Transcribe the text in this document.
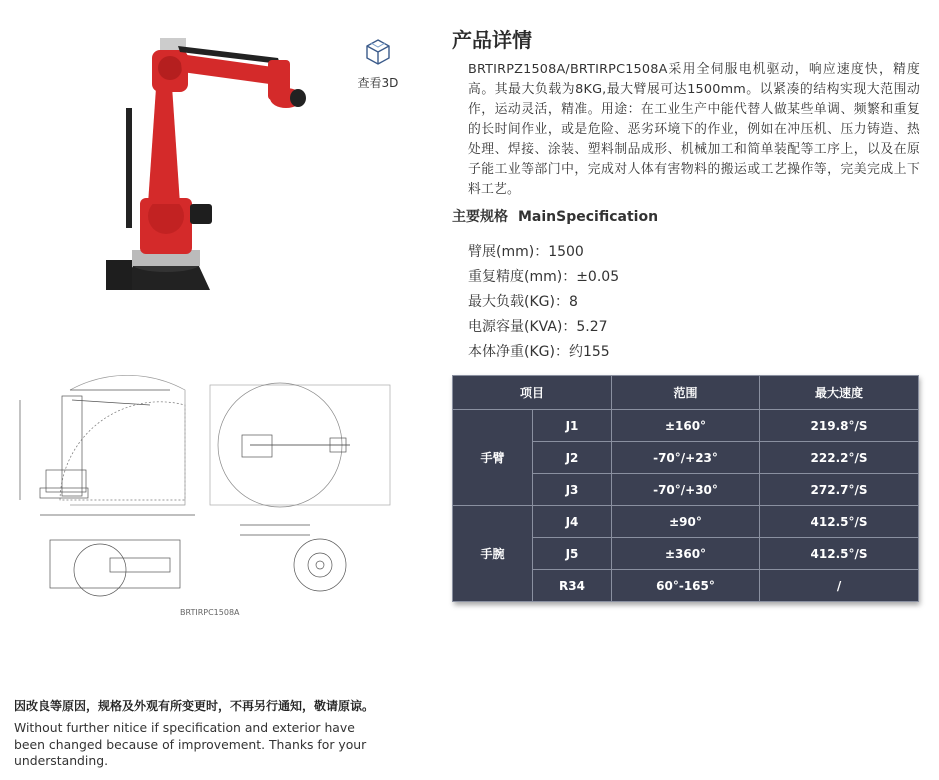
查看3D
BRTIRPC1508A
产品详情

BRTIRPZ1508A/BRTIRPC1508A采用全伺服电机驱动，响应速度快，精度高。其最大负载为8KG,最大臂展可达1500mm。以紧凑的结构实现大范围动作，运动灵活，精准。用途：在工业生产中能代替人做某些单调、频繁和重复的长时间作业，或是危险、恶劣环境下的作业，例如在冲压机、压力铸造、热处理、焊接、涂装、塑料制品成形、机械加工和简单装配等工序上，以及在原子能工业等部门中，完成对人体有害物料的搬运或工艺操作等，完美完成上下料工艺。

主要规格 MainSpecification
臂展(mm)：1500
重复精度(mm)：±0.05
最大负载(KG)：8
电源容量(KVA)：5.27
本体净重(KG)：约155
项目		范围	最大速度
手臂	J1	±160°	219.8°/S
	J2	-70°/+23°	222.2°/S
	J3	-70°/+30°	272.7°/S
手腕	J4	±90°	412.5°/S
	J5	±360°	412.5°/S
	R34	60°-165°	/

因改良等原因，规格及外观有所变更时，不再另行通知，敬请原谅。

Without further nitice if specification and exterior have been changed because of improvement. Thanks for your understanding.
